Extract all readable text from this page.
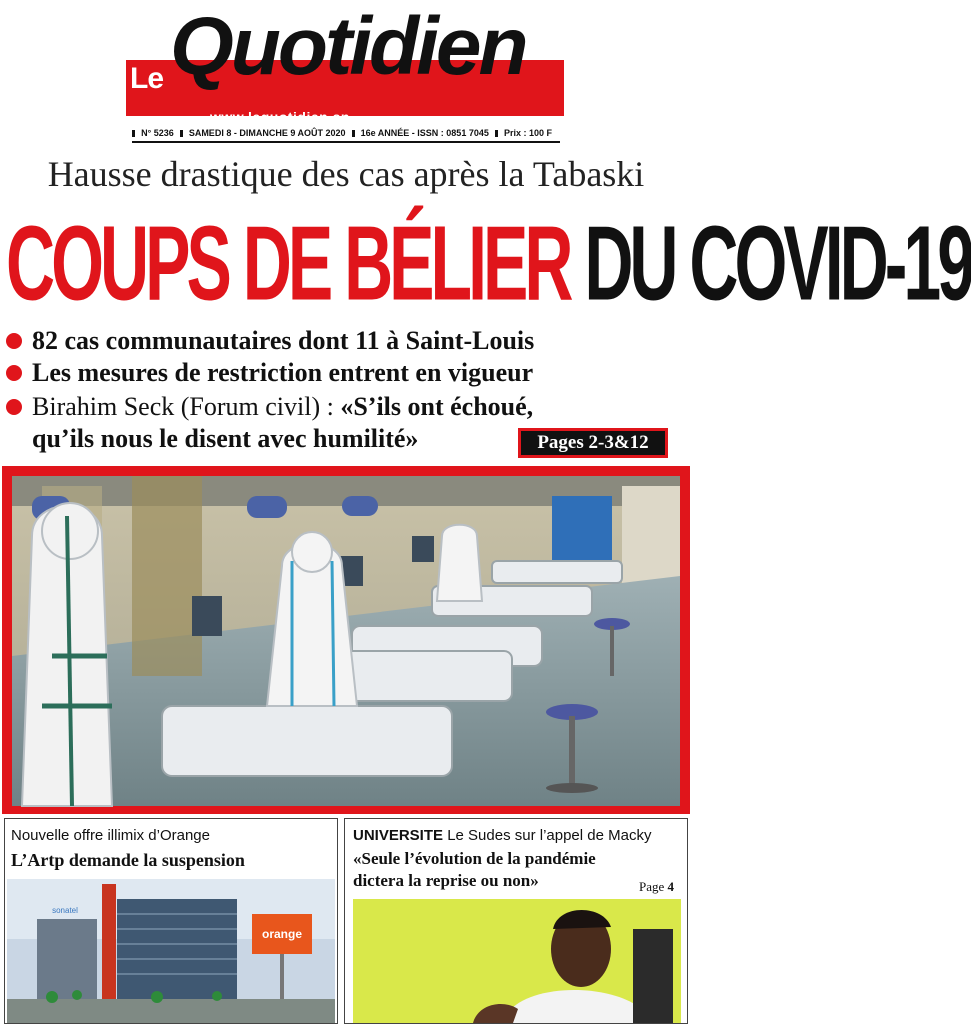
Le Quotidien
www.lequotidien.sn
N° 5236 SAMEDI 8 - DIMANCHE 9 AOÛT 2020 16e ANNÉE - ISSN : 0851 7045 Prix : 100 F
Hausse drastique des cas après la Tabaski
COUPS DE BÉLIER DU COVID-19
82 cas communautaires dont 11 à Saint-Louis
Les mesures de restriction entrent en vigueur
Birahim Seck (Forum civil) :
«S’ils ont échoué,
qu’ils nous le disent avec humilité»	Pages 2-3&12
Nouvelle offre illimix d’Orange
L’Artp demande la suspension
orange
sonatel
UNIVERSITE Le Sudes sur l’appel de Macky
«Seule l’évolution de la pandémie
dictera la reprise ou non»	Page 4
